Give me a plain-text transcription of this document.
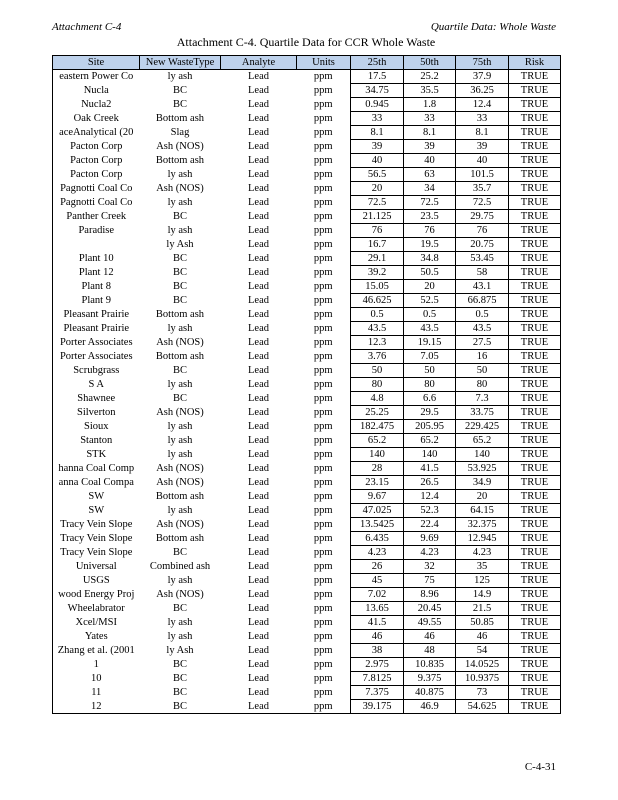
Attachment C-4	Quartile Data: Whole Waste
Attachment C-4. Quartile Data for CCR Whole Waste
Site	New WasteType	Analyte	Units	25th	50th	75th	Risk
eastern Power Co	ly ash	Lead	ppm	17.5	25.2	37.9	TRUE
Nucla	BC	Lead	ppm	34.75	35.5	36.25	TRUE
Nucla2	BC	Lead	ppm	0.945	1.8	12.4	TRUE
Oak Creek	Bottom ash	Lead	ppm	33	33	33	TRUE
aceAnalytical (20	Slag	Lead	ppm	8.1	8.1	8.1	TRUE
Pacton Corp	Ash (NOS)	Lead	ppm	39	39	39	TRUE
Pacton Corp	Bottom ash	Lead	ppm	40	40	40	TRUE
Pacton Corp	ly ash	Lead	ppm	56.5	63	101.5	TRUE
Pagnotti Coal Co	Ash (NOS)	Lead	ppm	20	34	35.7	TRUE
Pagnotti Coal Co	ly ash	Lead	ppm	72.5	72.5	72.5	TRUE
Panther Creek	BC	Lead	ppm	21.125	23.5	29.75	TRUE
Paradise	ly ash	Lead	ppm	76	76	76	TRUE
	ly Ash	Lead	ppm	16.7	19.5	20.75	TRUE
Plant 10	BC	Lead	ppm	29.1	34.8	53.45	TRUE
Plant 12	BC	Lead	ppm	39.2	50.5	58	TRUE
Plant 8	BC	Lead	ppm	15.05	20	43.1	TRUE
Plant 9	BC	Lead	ppm	46.625	52.5	66.875	TRUE
Pleasant Prairie	Bottom ash	Lead	ppm	0.5	0.5	0.5	TRUE
Pleasant Prairie	ly ash	Lead	ppm	43.5	43.5	43.5	TRUE
Porter Associates	Ash (NOS)	Lead	ppm	12.3	19.15	27.5	TRUE
Porter Associates	Bottom ash	Lead	ppm	3.76	7.05	16	TRUE
Scrubgrass	BC	Lead	ppm	50	50	50	TRUE
S A	ly ash	Lead	ppm	80	80	80	TRUE
Shawnee	BC	Lead	ppm	4.8	6.6	7.3	TRUE
Silverton	Ash (NOS)	Lead	ppm	25.25	29.5	33.75	TRUE
Sioux	ly ash	Lead	ppm	182.475	205.95	229.425	TRUE
Stanton	ly ash	Lead	ppm	65.2	65.2	65.2	TRUE
STK	ly ash	Lead	ppm	140	140	140	TRUE
hanna Coal Comp	Ash (NOS)	Lead	ppm	28	41.5	53.925	TRUE
anna Coal Compa	Ash (NOS)	Lead	ppm	23.15	26.5	34.9	TRUE
SW	Bottom ash	Lead	ppm	9.67	12.4	20	TRUE
SW	ly ash	Lead	ppm	47.025	52.3	64.15	TRUE
Tracy Vein Slope	Ash (NOS)	Lead	ppm	13.5425	22.4	32.375	TRUE
Tracy Vein Slope	Bottom ash	Lead	ppm	6.435	9.69	12.945	TRUE
Tracy Vein Slope	BC	Lead	ppm	4.23	4.23	4.23	TRUE
Universal	Combined ash	Lead	ppm	26	32	35	TRUE
USGS	ly ash	Lead	ppm	45	75	125	TRUE
wood Energy Proj	Ash (NOS)	Lead	ppm	7.02	8.96	14.9	TRUE
Wheelabrator	BC	Lead	ppm	13.65	20.45	21.5	TRUE
Xcel/MSI	ly ash	Lead	ppm	41.5	49.55	50.85	TRUE
Yates	ly ash	Lead	ppm	46	46	46	TRUE
Zhang et al. (2001	ly Ash	Lead	ppm	38	48	54	TRUE
1	BC	Lead	ppm	2.975	10.835	14.0525	TRUE
10	BC	Lead	ppm	7.8125	9.375	10.9375	TRUE
11	BC	Lead	ppm	7.375	40.875	73	TRUE
12	BC	Lead	ppm	39.175	46.9	54.625	TRUE
C-4-31
